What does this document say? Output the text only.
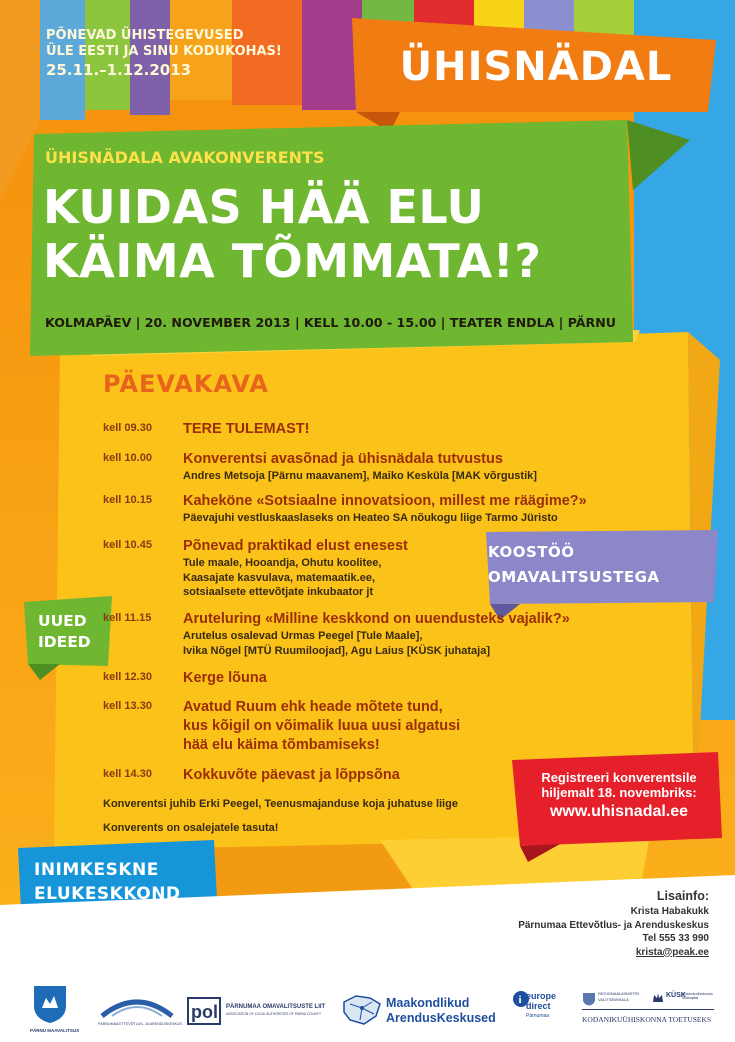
PÕNEVAD ÜHISTEGEVUSED
ÜLE EESTI JA SINU KODUKOHAS!
25.11.–1.12.2013	ÜHISNÄDAL
ÜHISNÄDALA AVAKONVERENTS
KUIDAS HÄÄ ELU
KÄIMA TÕMMATA!?
KOLMAPÄEV | 20. NOVEMBER 2013 | KELL 10.00 - 15.00 | TEATER ENDLA | PÄRNU
PÄEVAKAVA
kell 09.30 TERE TULEMAST!
kell 10.00 Konverentsi avasõnad ja ühisnädala tutvustus
Andres Metsoja [Pärnu maavanem], Maiko Kesküla [MAK võrgustik]
kell 10.15 Kaheköne «Sotsiaalne innovatsioon, millest me räägime?»
Päevajuhi vestluskaaslaseks on Heateo SA nõukogu liige Tarmo Jüristo
kell 10.45 Põnevad praktikad elust enesest
Tule maale, Hooandja, Ohutu koolitee,
Kaasajate kasvulava, matemaatik.ee,
sotsiaalsete ettevõtjate inkubaator jt
kell 11.15 Aruteluring «Milline keskkond on uuendusteks vajalik?»
Arutelus osalevad Urmas Peegel [Tule Maale],
Ivika Nõgel [MTÜ Ruumiloojad], Agu Laius [KÜSK juhataja]
kell 12.30 Kerge lõuna
kell 13.30 Avatud Ruum ehk heade mõtete tund,
kus kõigil on võimalik luua uusi algatusi
hää elu käima tõmbamiseks!
kell 14.30 Kokkuvõte päevast ja lõppsõna
Konverentsi juhib Erki Peegel, Teenusmajanduse koja juhatuse liige
Konverents on osalejatele tasuta!
KOOSTÖÖ
OMAVALITSUSTEGA
UUED
IDEED
INIMKESKNE
ELUKESKKOND
Registreeri konverentsile
hiljemalt 18. novembriks:
www.uhisnadal.ee
Lisainfo:
Krista Habakukk
Pärnumaa Ettevõtlus- ja Arenduskeskus
Tel 555 33 990
krista@peak.ee
PÄRNU MAAVALITSUS
PÄRNUMAA ETTEVÕTLUS- JA ARENDUSKESKUS
pol PÄRNUMAA OMAVALITSUSTE LIIT
ASSOCIATION OF LOCAL AUTHORITIES OF PÄRNU COUNTY
Maakondlikud
ArendusKeskused
i europe
direct
Pärnumaa
REGIONAALMINISTRI
VALITSEMISALA
KÜSK
Kodanikuühiskonna Sihtkapital
KODANIKUÜHISKONNA TOETUSEKS
